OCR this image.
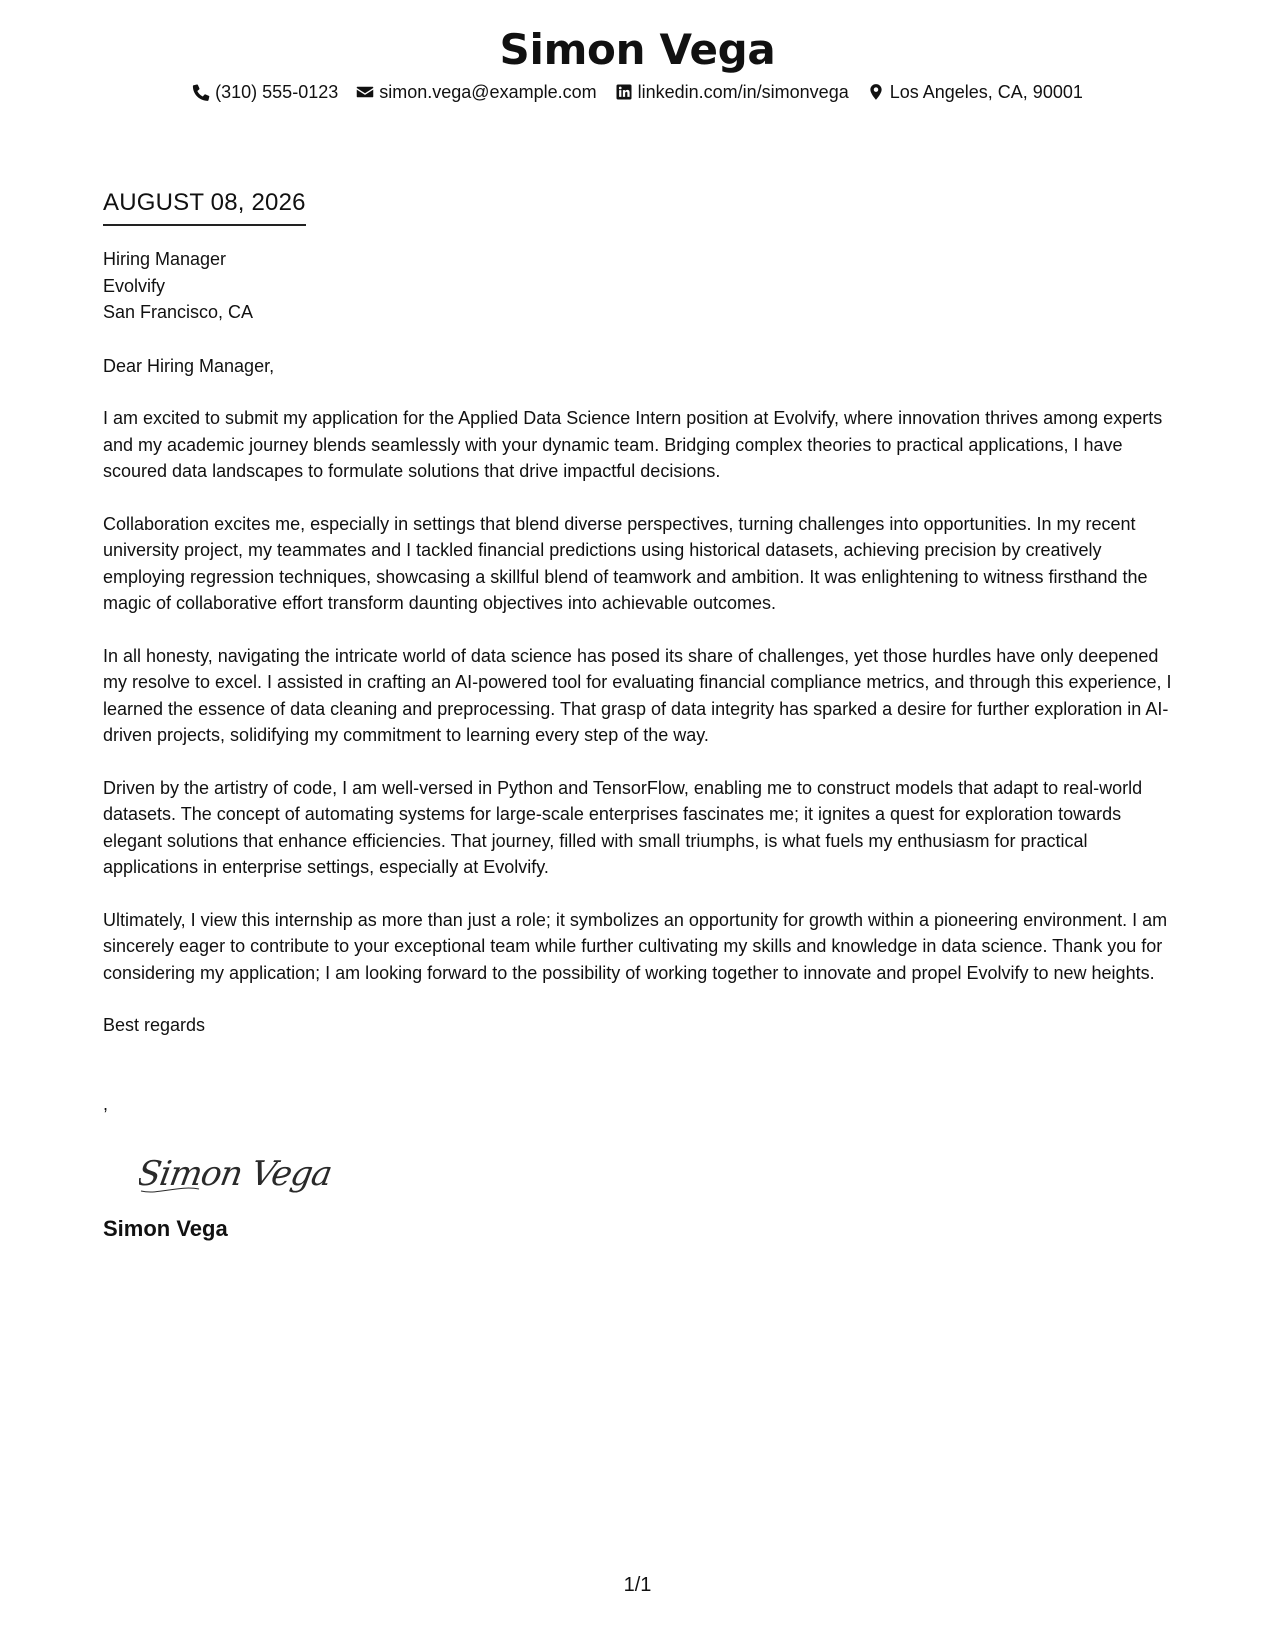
Simon Vega
(310) 555-0123 simon.vega@example.com linkedin.com/in/simonvega Los Angeles, CA, 90001
AUGUST 08, 2026
Hiring Manager
Evolvify
San Francisco, CA
Dear Hiring Manager,

I am excited to submit my application for the Applied Data Science Intern position at Evolvify, where innovation thrives among experts and my academic journey blends seamlessly with your dynamic team. Bridging complex theories to practical applications, I have scoured data landscapes to formulate solutions that drive impactful decisions.

Collaboration excites me, especially in settings that blend diverse perspectives, turning challenges into opportunities. In my recent university project, my teammates and I tackled financial predictions using historical datasets, achieving precision by creatively employing regression techniques, showcasing a skillful blend of teamwork and ambition. It was enlightening to witness firsthand the magic of collaborative effort transform daunting objectives into achievable outcomes.

In all honesty, navigating the intricate world of data science has posed its share of challenges, yet those hurdles have only deepened my resolve to excel. I assisted in crafting an AI-powered tool for evaluating financial compliance metrics, and through this experience, I learned the essence of data cleaning and preprocessing. That grasp of data integrity has sparked a desire for further exploration in AI-driven projects, solidifying my commitment to learning every step of the way.

Driven by the artistry of code, I am well-versed in Python and TensorFlow, enabling me to construct models that adapt to real-world datasets. The concept of automating systems for large-scale enterprises fascinates me; it ignites a quest for exploration towards elegant solutions that enhance efficiencies. That journey, filled with small triumphs, is what fuels my enthusiasm for practical applications in enterprise settings, especially at Evolvify.

Ultimately, I view this internship as more than just a role; it symbolizes an opportunity for growth within a pioneering environment. I am sincerely eager to contribute to your exceptional team while further cultivating my skills and knowledge in data science. Thank you for considering my application; I am looking forward to the possibility of working together to innovate and propel Evolvify to new heights.

Best regards
,
Simon Vega
Simon Vega
1/1
